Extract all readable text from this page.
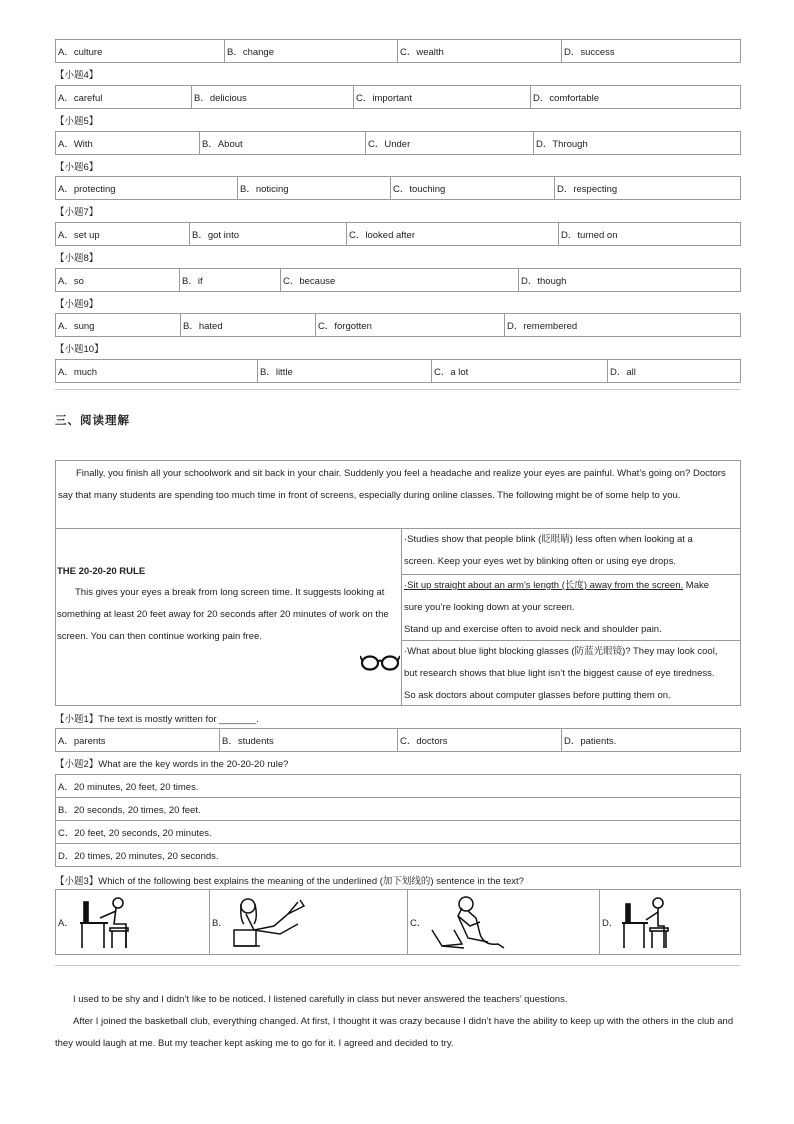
A．culture	B．change	C．wealth	D．success
【小题4】
A．careful	B．delicious	C．important	D．comfortable
【小题5】
A．With	B．About	C．Under	D．Through
【小题6】
A．protecting	B．noticing	C．touching	D．respecting
【小题7】
A．set up	B．got into	C．looked after	D．turned on
【小题8】
A．so	B．if	C．because	D．though
【小题9】
A．sung	B．hated	C．forgotten	D．remembered
【小题10】
A．much	B．little	C．a lot	D．all
三、阅读理解

Finally, you finish all your schoolwork and sit back in your chair. Suddenly you feel a headache and realize your eyes are painful. What’s going on? Doctors say that many students are spending too much time in front of screens, especially during online classes. The following might be of some help to you.

THE 20-20-20 RULE

This gives your eyes a break from long screen time. It suggests looking at something at least 20 feet away for 20 seconds after 20 minutes of work on the screen. You can then continue working pain free.

·Studies show that people blink (眨眼睛) less often when looking at a

screen. Keep your eyes wet by blinking often or using eye drops.

·Sit up straight about an arm’s length (长度) away from the screen. Make

sure you’re looking down at your screen.

Stand up and exercise often to avoid neck and shoulder pain.

·What about blue light blocking glasses (防蓝光眼镜)? They may look cool,

but research shows that blue light isn’t the biggest cause of eye tiredness.

So ask doctors about computer glasses before putting them on.

【小题1】The text is mostly written for _______.
A．parents	B．students	C．doctors	D．patients.
【小题2】What are the key words in the 20-20-20 rule?
A．20 minutes, 20 feet, 20 times.
B．20 seconds, 20 times, 20 feet.
C．20 feet, 20 seconds, 20 minutes.
D．20 times, 20 minutes, 20 seconds.
【小题3】Which of the following best explains the meaning of the underlined (加下划线的) sentence in the text?
A．	B．	C．	D．

I used to be shy and I didn’t like to be noticed. I listened carefully in class but never answered the teachers’ questions.

After I joined the basketball club, everything changed. At first, I thought it was crazy because I didn’t have the ability to keep up with the others in the club and they would laugh at me. But my teacher kept asking me to go for it. I agreed and decided to try.
